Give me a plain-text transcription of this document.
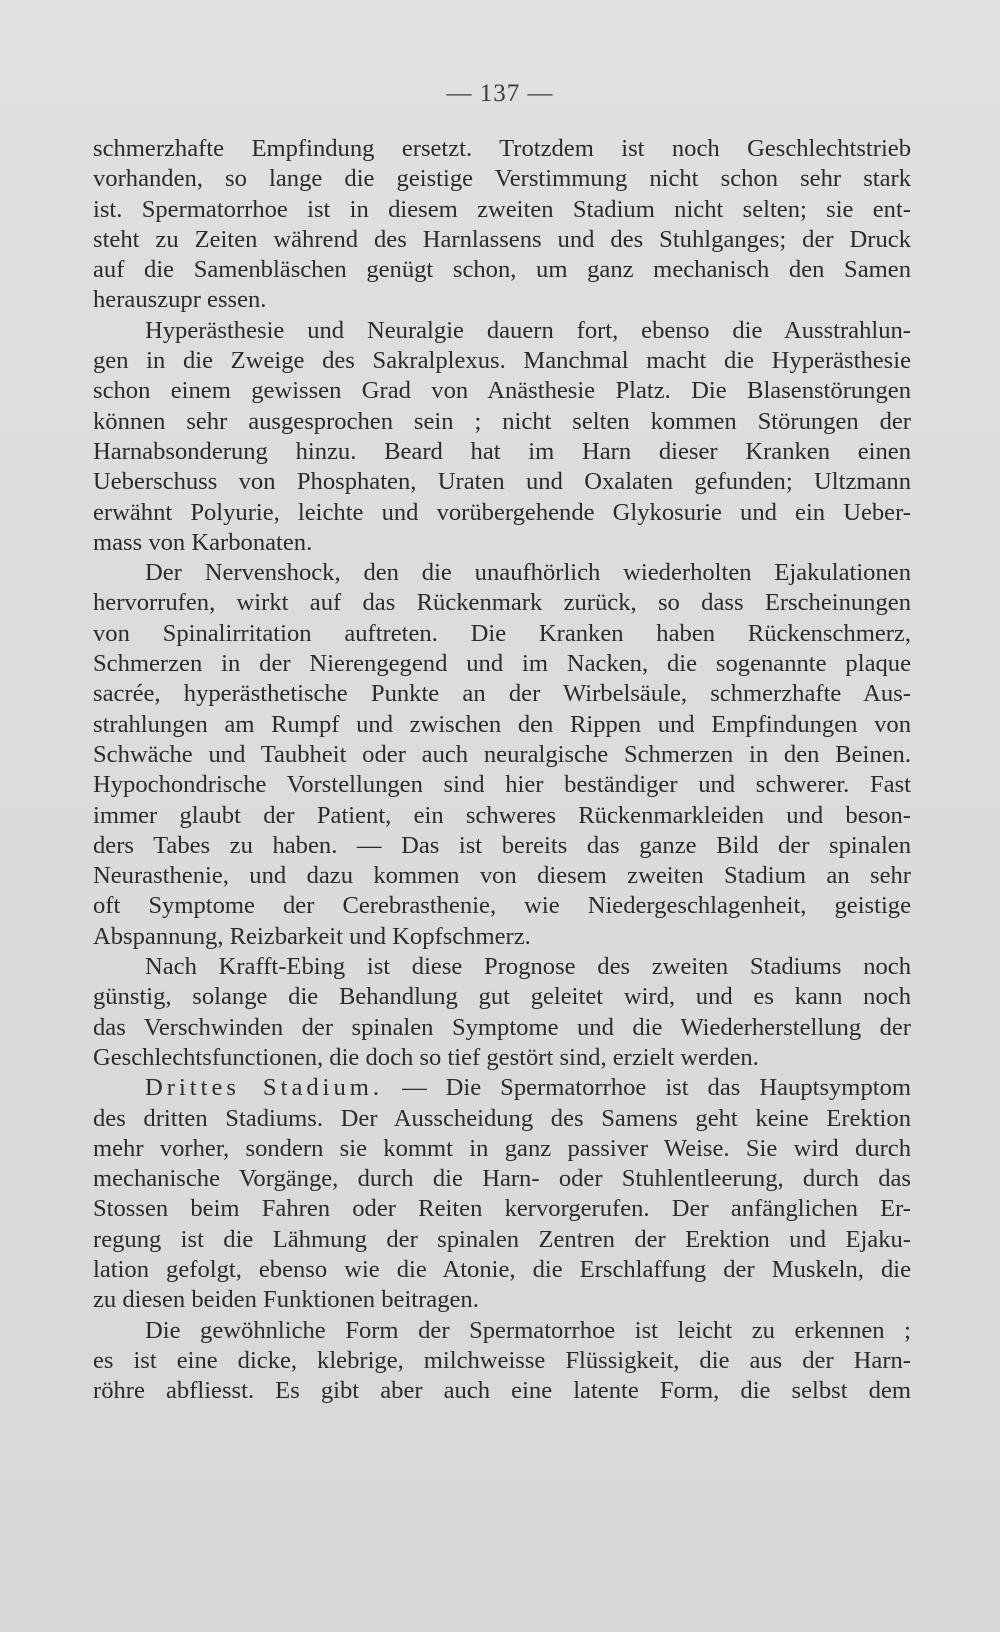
— 137 —
schmerzhafte Empfindung ersetzt. Trotzdem ist noch Geschlechtstrieb
vorhanden, so lange die geistige Verstimmung nicht schon sehr stark
ist. Spermatorrhoe ist in diesem zweiten Stadium nicht selten; sie ent-
steht zu Zeiten während des Harnlassens und des Stuhlganges; der Druck
auf die Samenbläschen genügt schon, um ganz mechanisch den Samen
herauszupr essen.
Hyperästhesie und Neuralgie dauern fort, ebenso die Ausstrahlun-
gen in die Zweige des Sakralplexus. Manchmal macht die Hyperästhesie
schon einem gewissen Grad von Anästhesie Platz. Die Blasenstörungen
können sehr ausgesprochen sein ; nicht selten kommen Störungen der
Harnabsonderung hinzu. Beard hat im Harn dieser Kranken einen
Ueberschuss von Phosphaten, Uraten und Oxalaten gefunden; Ultzmann
erwähnt Polyurie, leichte und vorübergehende Glykosurie und ein Ueber-
mass von Karbonaten.
Der Nervenshock, den die unaufhörlich wiederholten Ejakulationen
hervorrufen, wirkt auf das Rückenmark zurück, so dass Erscheinungen
von Spinalirritation auftreten. Die Kranken haben Rückenschmerz,
Schmerzen in der Nierengegend und im Nacken, die sogenannte plaque
sacrée, hyperästhetische Punkte an der Wirbelsäule, schmerzhafte Aus-
strahlungen am Rumpf und zwischen den Rippen und Empfindungen von
Schwäche und Taubheit oder auch neuralgische Schmerzen in den Beinen.
Hypochondrische Vorstellungen sind hier beständiger und schwerer. Fast
immer glaubt der Patient, ein schweres Rückenmarkleiden und beson-
ders Tabes zu haben. — Das ist bereits das ganze Bild der spinalen
Neurasthenie, und dazu kommen von diesem zweiten Stadium an sehr
oft Symptome der Cerebrasthenie, wie Niedergeschlagenheit, geistige
Abspannung, Reizbarkeit und Kopfschmerz.
Nach Krafft-Ebing ist diese Prognose des zweiten Stadiums noch
günstig, solange die Behandlung gut geleitet wird, und es kann noch
das Verschwinden der spinalen Symptome und die Wiederherstellung der
Geschlechtsfunctionen, die doch so tief gestört sind, erzielt werden.
Drittes Stadium. — Die Spermatorrhoe ist das Hauptsymptom
des dritten Stadiums. Der Ausscheidung des Samens geht keine Erektion
mehr vorher, sondern sie kommt in ganz passiver Weise. Sie wird durch
mechanische Vorgänge, durch die Harn- oder Stuhlentleerung, durch das
Stossen beim Fahren oder Reiten kervorgerufen. Der anfänglichen Er-
regung ist die Lähmung der spinalen Zentren der Erektion und Ejaku-
lation gefolgt, ebenso wie die Atonie, die Erschlaffung der Muskeln, die
zu diesen beiden Funktionen beitragen.
Die gewöhnliche Form der Spermatorrhoe ist leicht zu erkennen ;
es ist eine dicke, klebrige, milchweisse Flüssigkeit, die aus der Harn-
röhre abfliesst. Es gibt aber auch eine latente Form, die selbst dem
